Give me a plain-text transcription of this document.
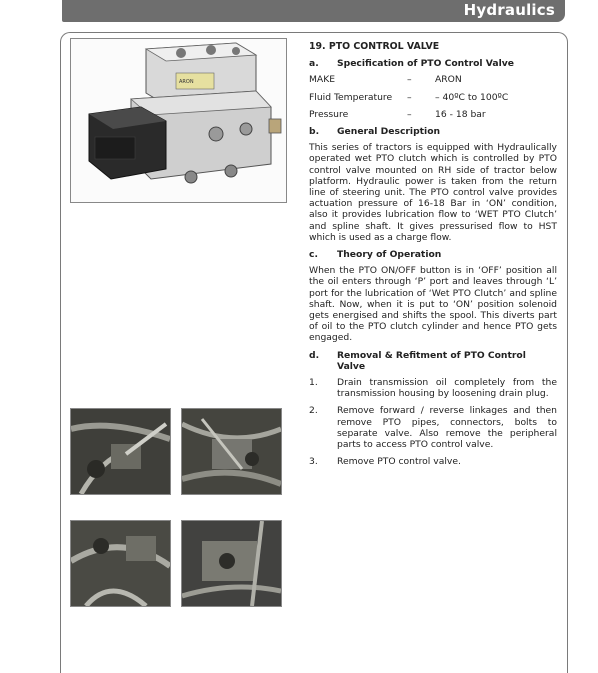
Hydraulics
ARON
19. PTO CONTROL VALVE
a.	Specification of PTO Control Valve
MAKE	–	ARON
Fluid Temperature	–	– 40ºC to 100ºC
Pressure	–	16 - 18 bar
b.	General Description

This series of tractors is equipped with Hydraulically operated wet PTO clutch which is controlled by PTO control valve mounted on RH side of tractor below platform. Hydraulic power is taken from the return line of steering unit. The PTO control valve provides actuation pressure of 16-18 Bar in ‘ON’ condition, also it provides lubrication flow to ‘WET PTO Clutch’ and spline shaft. It gives pressurised flow to HST which is used as a charge flow.

c.	Theory of Operation

When the PTO ON/OFF button is in ‘OFF’ position all the oil enters through ‘P’ port and leaves through ‘L’ port for the lubrication of ‘Wet PTO Clutch’ and spline shaft. Now, when it is put to ‘ON’ position solenoid gets energised and shifts the spool. This diverts part of oil to the PTO clutch cylinder and hence PTO gets engaged.

d.	Removal & Refitment of PTO Control Valve
1.	Drain transmission oil completely from the transmission housing by loosening drain plug.
2.	Remove forward / reverse linkages and then remove PTO pipes, connectors, bolts to separate valve. Also remove the peripheral parts to access PTO control valve.
3.	Remove PTO control valve.
